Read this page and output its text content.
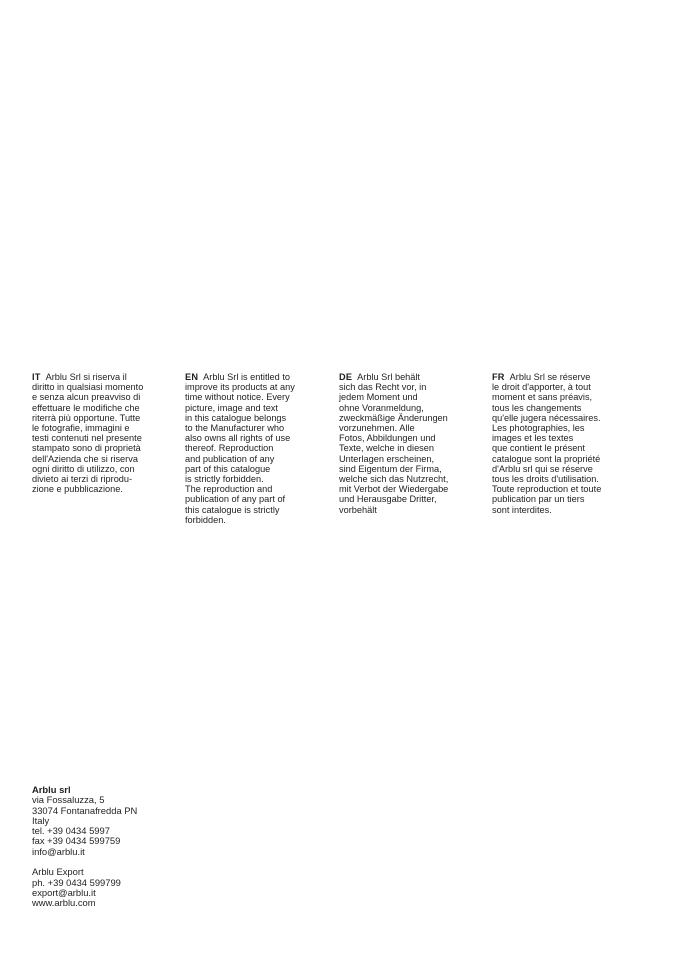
IT Arblu Srl si riserva il
diritto in qualsiasi momento
e senza alcun preavviso di
effettuare le modifiche che
riterrà più opportune. Tutte
le fotografie, immagini e
testi contenuti nel presente
stampato sono di proprietà
dell'Azienda che si riserva
ogni diritto di utilizzo, con
divieto ai terzi di riprodu-
zione e pubblicazione.
EN Arblu Srl is entitled to
improve its products at any
time without notice. Every
picture, image and text
in this catalogue belongs
to the Manufacturer who
also owns all rights of use
thereof. Reproduction
and publication of any
part of this catalogue
is strictly forbidden.
The reproduction and
publication of any part of
this catalogue is strictly
forbidden.
DE Arblu Srl behält
sich das Recht vor, in
jedem Moment und
ohne Voranmeldung,
zweckmäßige Änderungen
vorzunehmen. Alle
Fotos, Abbildungen und
Texte, welche in diesen
Unterlagen erscheinen,
sind Eigentum der Firma,
welche sich das Nutzrecht,
mit Verbot der Wiedergabe
und Herausgabe Dritter,
vorbehält
FR Arblu Srl se réserve
le droit d'apporter, à tout
moment et sans préavis,
tous les changements
qu'elle jugera nécessaires.
Les photographies, les
images et les textes
que contient le présent
catalogue sont la propriété
d'Arblu srl qui se réserve
tous les droits d'utilisation.
Toute reproduction et toute
publication par un tiers
sont interdites.
Arblu srl
via Fossaluzza, 5
33074 Fontanafredda PN
Italy
tel. +39 0434 5997
fax +39 0434 599759
info@arblu.it
Arblu Export
ph. +39 0434 599799
export@arblu.it
www.arblu.com
